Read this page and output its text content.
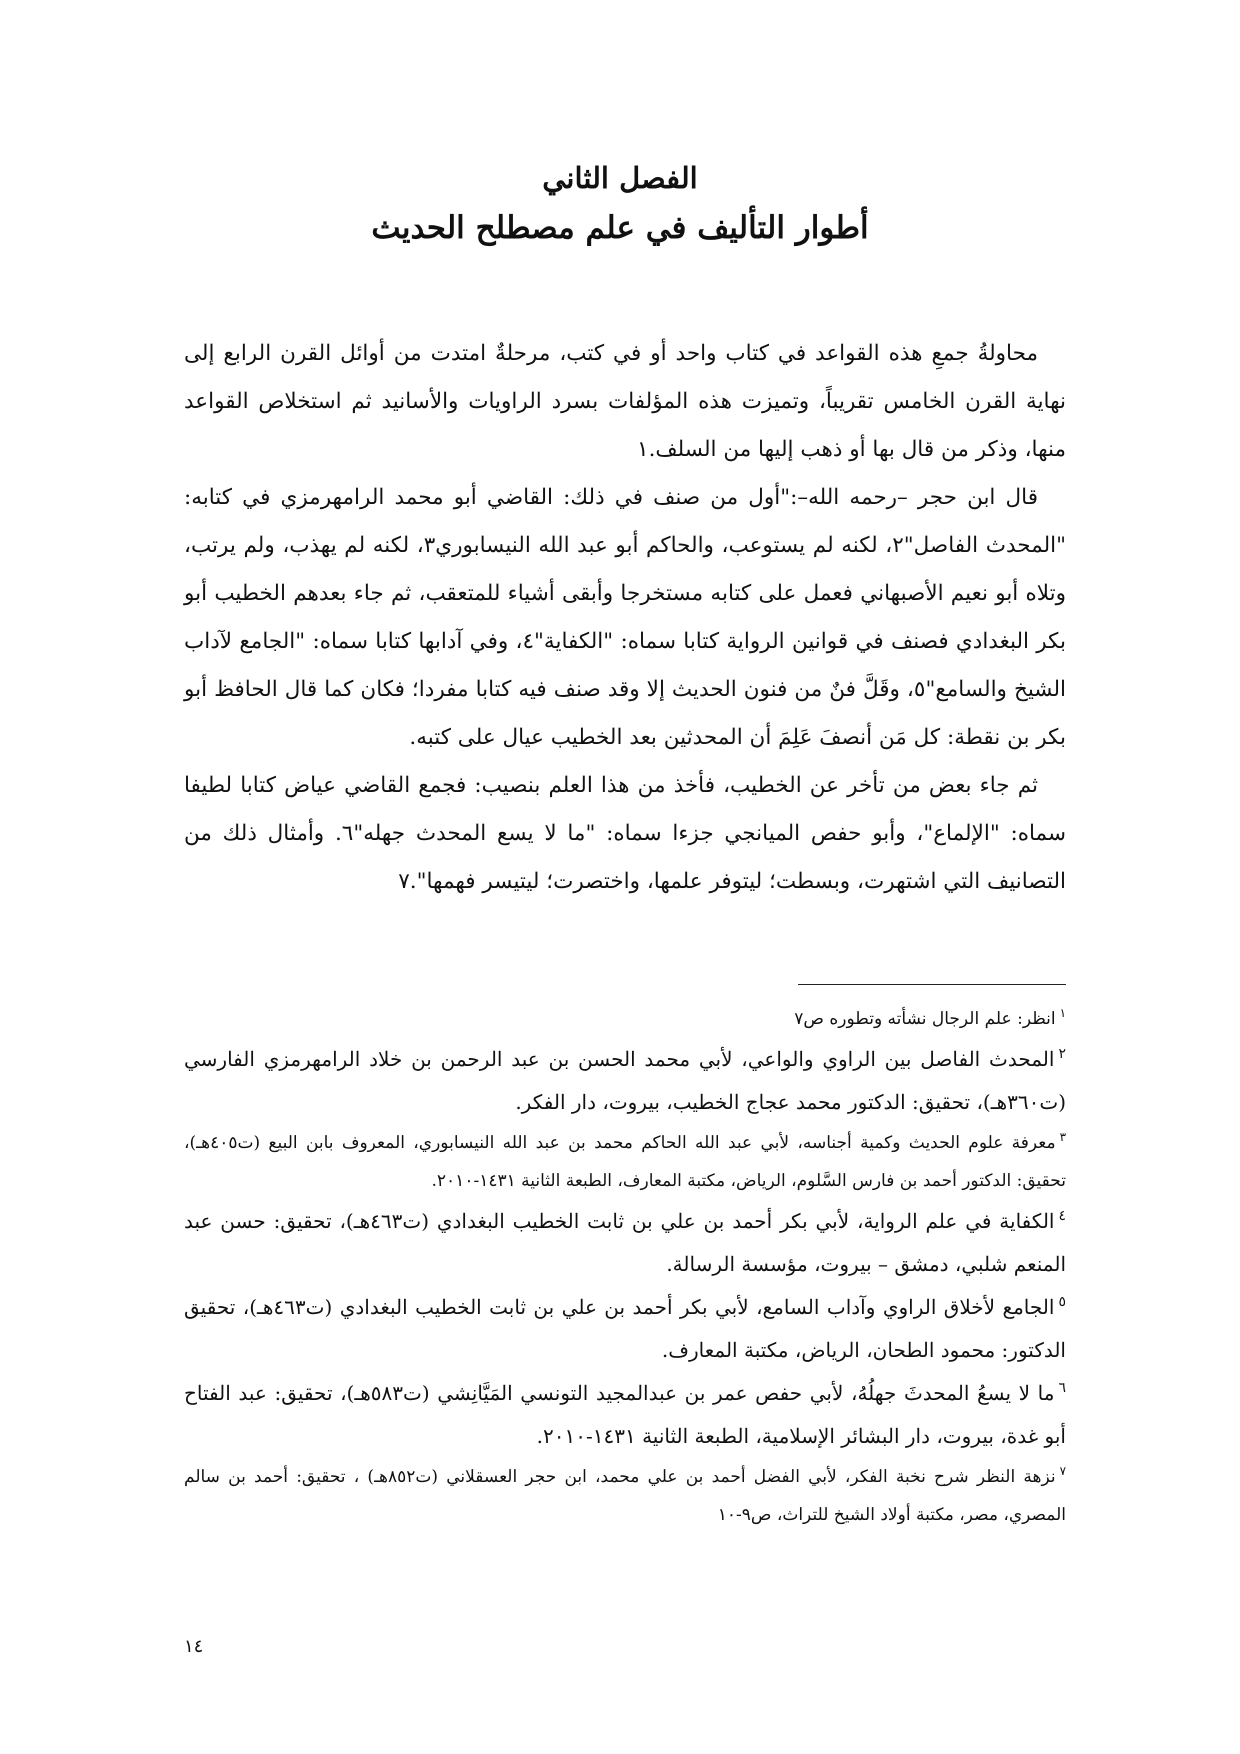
الفصل الثاني
أطوار التأليف في علم مصطلح الحديث

محاولةُ جمعِ هذه القواعد في كتاب واحد أو في كتب، مرحلةٌ امتدت من أوائل القرن الرابع إلى نهاية القرن الخامس تقريباً، وتميزت هذه المؤلفات بسرد الراويات والأسانيد ثم استخلاص القواعد منها، وذكر من قال بها أو ذهب إليها من السلف.١

قال ابن حجر –رحمه الله–:"أول من صنف في ذلك: القاضي أبو محمد الرامهرمزي في كتابه: "المحدث الفاصل"٢، لكنه لم يستوعب، والحاكم أبو عبد الله النيسابوري٣، لكنه لم يهذب، ولم يرتب، وتلاه أبو نعيم الأصبهاني فعمل على كتابه مستخرجا وأبقى أشياء للمتعقب، ثم جاء بعدهم الخطيب أبو بكر البغدادي فصنف في قوانين الرواية كتابا سماه: "الكفاية"٤، وفي آدابها كتابا سماه: "الجامع لآداب الشيخ والسامع"٥، وقَلَّ فنٌ من فنون الحديث إلا وقد صنف فيه كتابا مفردا؛ فكان كما قال الحافظ أبو بكر بن نقطة: كل مَن أنصفَ عَلِمَ أن المحدثين بعد الخطيب عيال على كتبه.

ثم جاء بعض من تأخر عن الخطيب، فأخذ من هذا العلم بنصيب: فجمع القاضي عياض كتابا لطيفا سماه: "الإلماع"، وأبو حفص الميانجي جزءا سماه: "ما لا يسع المحدث جهله"٦. وأمثال ذلك من التصانيف التي اشتهرت، وبسطت؛ ليتوفر علمها، واختصرت؛ ليتيسر فهمها".٧

$^١$انظر: علم الرجال نشأته وتطوره ص٧

$^٢$المحدث الفاصل بين الراوي والواعي، لأبي محمد الحسن بن عبد الرحمن بن خلاد الرامهرمزي الفارسي (ت٣٦٠هـ)، تحقيق: الدكتور محمد عجاج الخطيب، بيروت، دار الفكر.

$^٣$معرفة علوم الحديث وكمية أجناسه، لأبي عبد الله الحاكم محمد بن عبد الله النيسابوري، المعروف بابن البيع (ت٤٠٥هـ)، تحقيق: الدكتور أحمد بن فارس السَّلوم، الرياض، مكتبة المعارف، الطبعة الثانية ١٤٣١-٢٠١٠.

$^٤$الكفاية في علم الرواية، لأبي بكر أحمد بن علي بن ثابت الخطيب البغدادي (ت٤٦٣هـ)، تحقيق: حسن عبد المنعم شلبي، دمشق – بيروت، مؤسسة الرسالة.

$^٥$الجامع لأخلاق الراوي وآداب السامع، لأبي بكر أحمد بن علي بن ثابت الخطيب البغدادي (ت٤٦٣هـ)، تحقيق الدكتور: محمود الطحان، الرياض، مكتبة المعارف.

$^٦$ما لا يسعُ المحدثَ جهلُهُ، لأبي حفص عمر بن عبدالمجيد التونسي المَيَّانِشي (ت٥٨٣هـ)، تحقيق: عبد الفتاح أبو غدة، بيروت، دار البشائر الإسلامية، الطبعة الثانية ١٤٣١-٢٠١٠.

$^٧$نزهة النظر شرح نخبة الفكر، لأبي الفضل أحمد بن علي محمد، ابن حجر العسقلاني (ت٨٥٢هـ) ، تحقيق: أحمد بن سالم المصري، مصر، مكتبة أولاد الشيخ للتراث، ص٩-١٠

١٤
